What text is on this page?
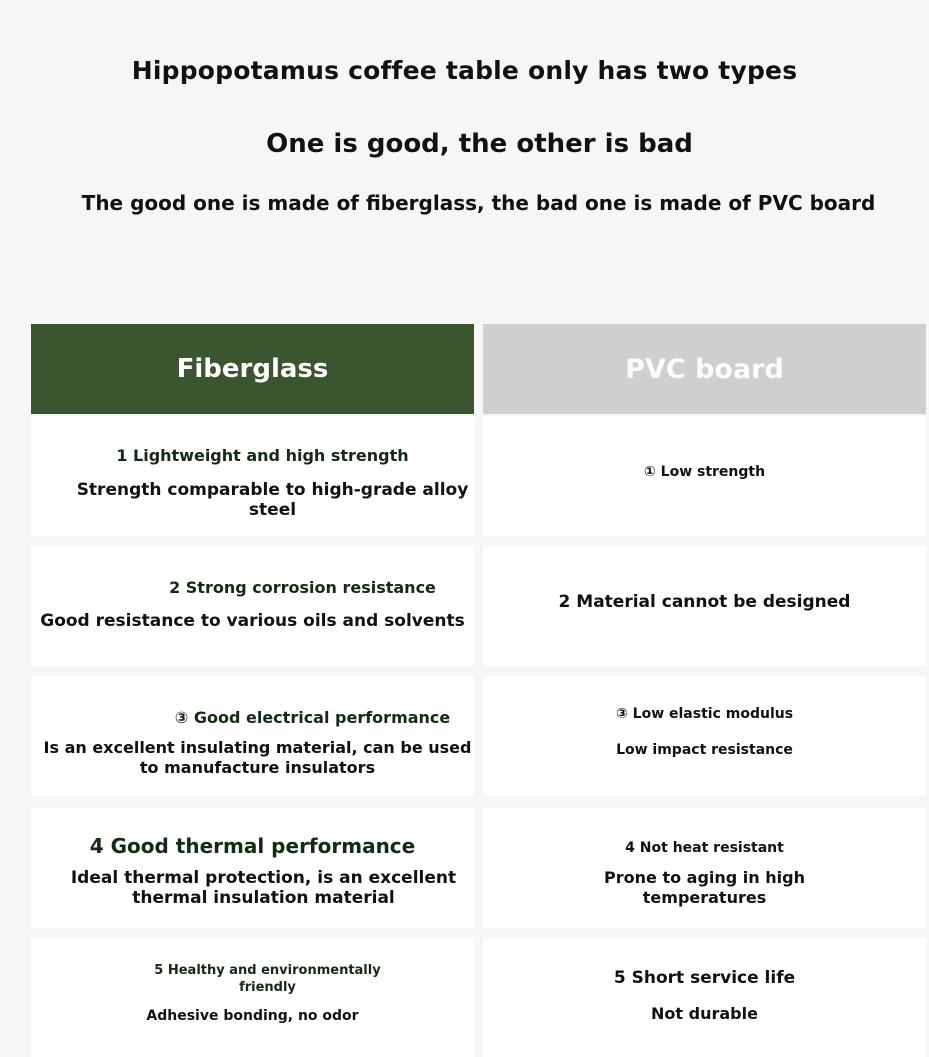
Hippopotamus coffee table only has two types
One is good, the other is bad
The good one is made of fiberglass, the bad one is made of PVC board
Fiberglass	PVC board
1 Lightweight and high strength
Strength comparable to high-grade alloy steel
① Low strength
2 Strong corrosion resistance
Good resistance to various oils and solvents
2 Material cannot be designed
③ Good electrical performance
Is an excellent insulating material, can be used to manufacture insulators
③ Low elastic modulus
Low impact resistance
4 Good thermal performance
Ideal thermal protection, is an excellent thermal insulation material
4 Not heat resistant
Prone to aging in high temperatures
5 Healthy and environmentally friendly
Adhesive bonding, no odor
5 Short service life
Not durable
